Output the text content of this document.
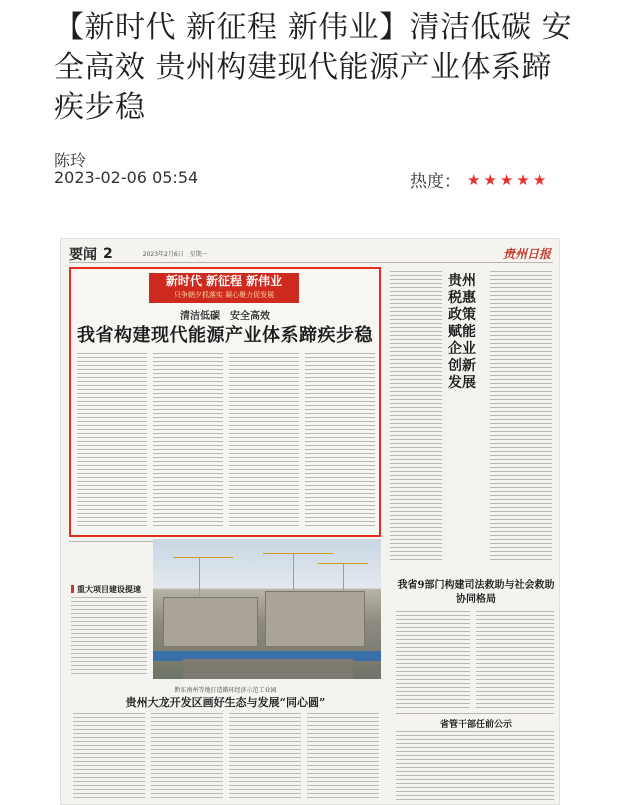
【新时代 新征程 新伟业】清洁低碳 安全高效 贵州构建现代能源产业体系蹄疾步稳
陈玲
2023-02-06 05:54	热度： ★ ★ ★ ★ ★
要闻 2	2023年2月6日　星期一	贵州日报
新时代 新征程 新伟业
只争朝夕抓落实 凝心聚力促发展
清洁低碳　安全高效
我省构建现代能源产业体系蹄疾步稳
贵州税惠政策赋能企业创新发展
重大项目建设提速	我省9部门构建司法救助与社会救助协同格局
黔东南州等地打造循环经济示范工业园
贵州大龙开发区画好生态与发展“同心圆”
省管干部任前公示
